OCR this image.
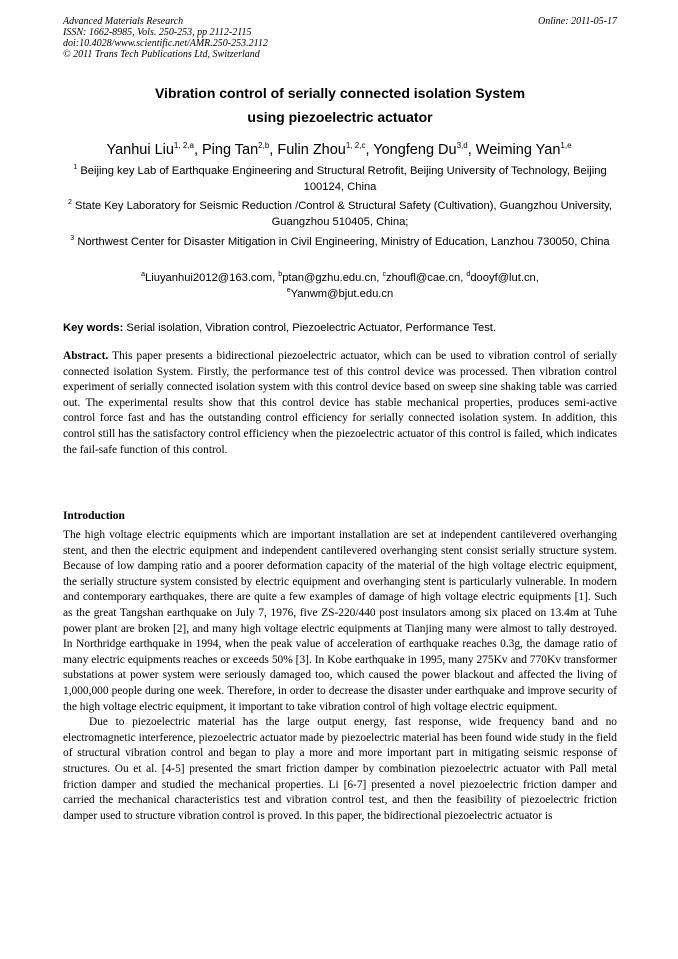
Advanced Materials Research
ISSN: 1662-8985, Vols. 250-253, pp 2112-2115
doi:10.4028/www.scientific.net/AMR.250-253.2112
© 2011 Trans Tech Publications Ltd, Switzerland
Online: 2011-05-17
Vibration control of serially connected isolation System
using piezoelectric actuator
Yanhui Liu$^{1, 2,a}$, Ping Tan$^{2,b}$, Fulin Zhou$^{1, 2,c}$, Yongfeng Du$^{3,d}$, Weiming Yan$^{1,e}$
$^1$ Beijing key Lab of Earthquake Engineering and Structural Retrofit, Beijing University of Technology, Beijing 100124, China
$^2$ State Key Laboratory for Seismic Reduction /Control & Structural Safety (Cultivation), Guangzhou University, Guangzhou 510405, China;
$^3$ Northwest Center for Disaster Mitigation in Civil Engineering, Ministry of Education, Lanzhou 730050, China
$^a$Liuyanhui2012@163.com, $^b$ptan@gzhu.edu.cn, $^c$zhoufl@cae.cn, $^d$dooyf@lut.cn,
$^e$Yanwm@bjut.edu.cn
Key words: Serial isolation, Vibration control, Piezoelectric Actuator, Performance Test.
Abstract. This paper presents a bidirectional piezoelectric actuator, which can be used to vibration control of serially connected isolation System. Firstly, the performance test of this control device was processed. Then vibration control experiment of serially connected isolation system with this control device based on sweep sine shaking table was carried out. The experimental results show that this control device has stable mechanical properties, produces semi-active control force fast and has the outstanding control efficiency for serially connected isolation system. In addition, this control still has the satisfactory control efficiency when the piezoelectric actuator of this control is failed, which indicates the fail-safe function of this control.
Introduction

The high voltage electric equipments which are important installation are set at independent cantilevered overhanging stent, and then the electric equipment and independent cantilevered overhanging stent consist serially structure system. Because of low damping ratio and a poorer deformation capacity of the material of the high voltage electric equipment, the serially structure system consisted by electric equipment and overhanging stent is particularly vulnerable. In modern and contemporary earthquakes, there are quite a few examples of damage of high voltage electric equipments [1]. Such as the great Tangshan earthquake on July 7, 1976, five ZS-220/440 post insulators among six placed on 13.4m at Tuhe power plant are broken [2], and many high voltage electric equipments at Tianjing many were almost to tally destroyed. In Northridge earthquake in 1994, when the peak value of acceleration of earthquake reaches 0.3g, the damage ratio of many electric equipments reaches or exceeds 50% [3]. In Kobe earthquake in 1995, many 275Kv and 770Kv transformer substations at power system were seriously damaged too, which caused the power blackout and affected the living of 1,000,000 people during one week. Therefore, in order to decrease the disaster under earthquake and improve security of the high voltage electric equipment, it important to take vibration control of high voltage electric equipment.

Due to piezoelectric material has the large output energy, fast response, wide frequency band and no electromagnetic interference, piezoelectric actuator made by piezoelectric material has been found wide study in the field of structural vibration control and began to play a more and more important part in mitigating seismic response of structures. Ou et al. [4-5] presented the smart friction damper by combination piezoelectric actuator with Pall metal friction damper and studied the mechanical properties. Li [6-7] presented a novel piezoelectric friction damper and carried the mechanical characteristics test and vibration control test, and then the feasibility of piezoelectric friction damper used to structure vibration control is proved. In this paper, the bidirectional piezoelectric actuator is
